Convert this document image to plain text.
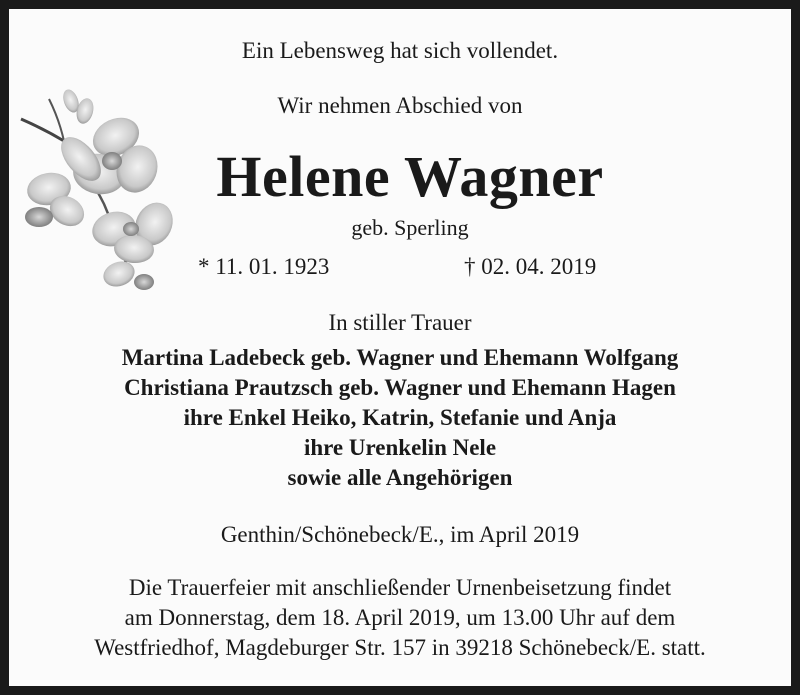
Ein Lebensweg hat sich vollendet.
Wir nehmen Abschied von
Helene Wagner
geb. Sperling
* 11. 01. 1923	† 02. 04. 2019
In stiller Trauer
Martina Ladebeck geb. Wagner und Ehemann Wolfgang
Christiana Prautzsch geb. Wagner und Ehemann Hagen
ihre Enkel Heiko, Katrin, Stefanie und Anja
ihre Urenkelin Nele
sowie alle Angehörigen
Genthin/Schönebeck/E., im April 2019
Die Trauerfeier mit anschließender Urnenbeisetzung findet
am Donnerstag, dem 18. April 2019, um 13.00 Uhr auf dem
Westfriedhof, Magdeburger Str. 157 in 39218 Schönebeck/E. statt.
